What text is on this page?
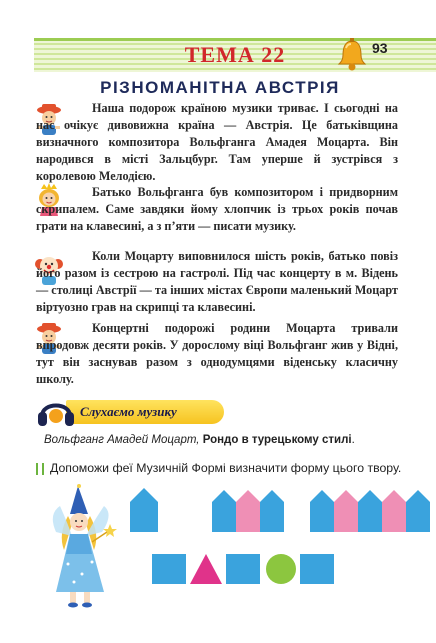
ТЕМА 22	93
РІЗНОМАНІТНА АВСТРІЯ

Наша подорож країною музики триває. І сьогодні на нас очікує дивовижна країна — Австрія. Це батьківщина визначного композитора Вольфганга Амадея Моцарта. Він народився в місті Зальцбург. Там уперше й зустрівся з королевою Мелодією.

Батько Вольфганга був композитором і придворним скрипалем. Саме завдяки йому хлопчик із трьох років почав грати на клавесині, а з п’яти — писати музику.

Коли Моцарту виповнилося шість років, батько повіз його разом із сестрою на гастролі. Під час концерту в м. Відень — столиці Австрії — та інших містах Європи маленький Моцарт віртуозно грав на скрипці та клавесині.

Концертні подорожі родини Моцарта тривали впродовж десяти років. У дорослому віці Вольфганг жив у Відні, тут він заснував разом з однодумцями віденську класичну школу.

Слухаємо музику
Вольфганг Амадей Моцарт, Рондо в турецькому стилі.
Допоможи феї Музичній Формі визначити форму цього твору.
